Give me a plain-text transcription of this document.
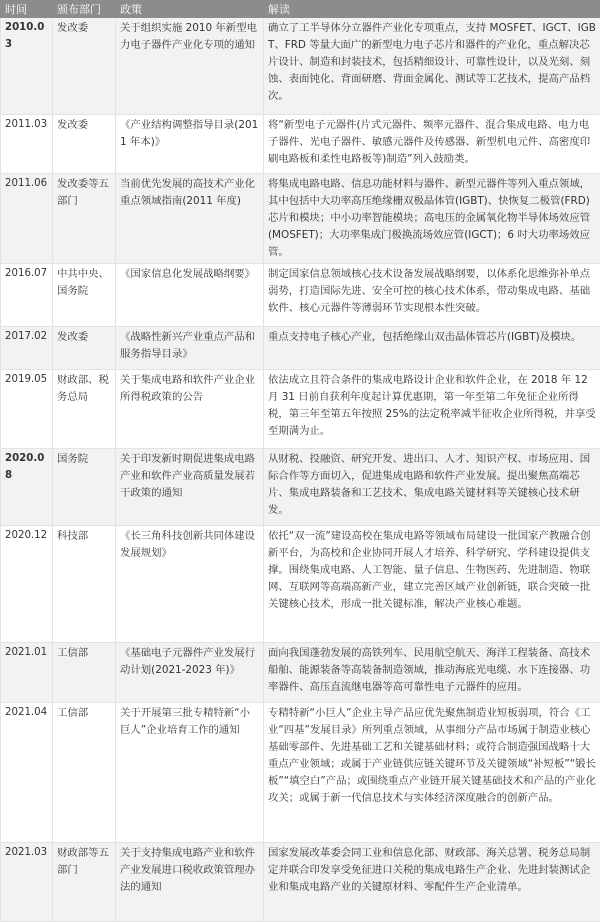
时间	颁布部门	政策	解读
2010.03	发改委	关于组织实施 2010 年新型电力电子器件产业化专项的通知	确立了工半导体分立器件产业化专项重点，支持 MOSFET、IGCT、IGBT、FRD 等量大面广的新型电力电子芯片和器件的产业化，重点解决芯片设计、制造和封装技术，包括精细设计、可靠性设计，以及光刻、刻蚀、表面钝化、背面研磨、背面金属化、测试等工艺技术，提高产品档次。
2011.03	发改委	《产业结构调整指导目录(2011 年本)》	将“新型电子元器件(片式元器件、频率元器件、混合集成电路、电力电子器件、光电子器件、敏感元器件及传感器、新型机电元件、高密度印刷电路板和柔性电路板等)制造”列入鼓励类。
2011.06	发改委等五部门	当前优先发展的高技术产业化重点领域指南(2011 年度)	将集成电路电路、信息功能材料与器件、新型元器件等列入重点领域，其中包括中大功率高压绝缘栅双极晶体管(IGBT)、快恢复二极管(FRD)芯片和模块；中小功率智能模块；高电压的金属氧化物半导体场效应管(MOSFET)；大功率集成门极换流场效应管(IGCT)；6 吋大功率场效应管。
2016.07	中共中央、国务院	《国家信息化发展战略纲要》	制定国家信息领域核心技术设备发展战略纲要，以体系化思维弥补单点弱势，打造国际先进、安全可控的核心技术体系，带动集成电路、基础软件、核心元器件等薄弱环节实现根本性突破。
2017.02	发改委	《战略性新兴产业重点产品和服务指导目录》	重点支持电子核心产业，包括绝缘山双击晶体管芯片(IGBT)及模块。
2019.05	财政部、税务总局	关于集成电路和软件产业企业所得税政策的公告	依法成立且符合条件的集成电路设计企业和软件企业，在 2018 年 12 月 31 日前自获利年度起计算优惠期，第一年至第二年免征企业所得税，第三年至第五年按照 25%的法定税率减半征收企业所得税，并享受至期满为止。
2020.08	国务院	关于印发新时期促进集成电路产业和软件产业高质量发展若干政策的通知	从财税、投融资、研究开发、进出口、人才、知识产权、市场应用、国际合作等方面切入，促进集成电路和软件产业发展。提出聚焦高端芯片、集成电路装备和工艺技术、集成电路关键材料等关键核心技术研发。
2020.12	科技部	《长三角科技创新共同体建设发展规划》	依托“双一流”建设高校在集成电路等领域布局建设一批国家产教融合创新平台，为高校和企业协同开展人才培养、科学研究、学科建设提供支撑。围绕集成电路、人工智能、量子信息、生物医药、先进制造、物联网、互联网等高端高新产业，建立完善区域产业创新链，联合突破一批关键核心技术，形成一批关键标准，解决产业核心难题。
2021.01	工信部	《基础电子元器件产业发展行动计划(2021-2023 年)》	面向我国蓬勃发展的高铁列车、民用航空航天、海洋工程装备、高技术船舶、能源装备等高装备制造领域，推动海底光电缆、水下连接器、功率器件、高压直流继电器等高可靠性电子元器件的应用。
2021.04	工信部	关于开展第三批专精特新“小巨人”企业培育工作的通知	专精特新“小巨人”企业主导产品应优先聚焦制造业短板弱项，符合《工业“四基”发展目录》所列重点领域，从事细分产品市场属于制造业核心基础零部件、先进基础工艺和关键基础材料；或符合制造强国战略十大重点产业领域；或属于产业链供应链关键环节及关键领域“补短板”“锻长板”“填空白”产品；或围绕重点产业链开展关键基础技术和产品的产业化攻关；或属于新一代信息技术与实体经济深度融合的创新产品。
2021.03	财政部等五部门	关于支持集成电路产业和软件产业发展进口税收政策管理办法的通知	国家发展改革委会同工业和信息化部、财政部、海关总署、税务总局制定并联合印发享受免征进口关税的集成电路生产企业、先进封装测试企业和集成电路产业的关键原材料、零配件生产企业清单。
